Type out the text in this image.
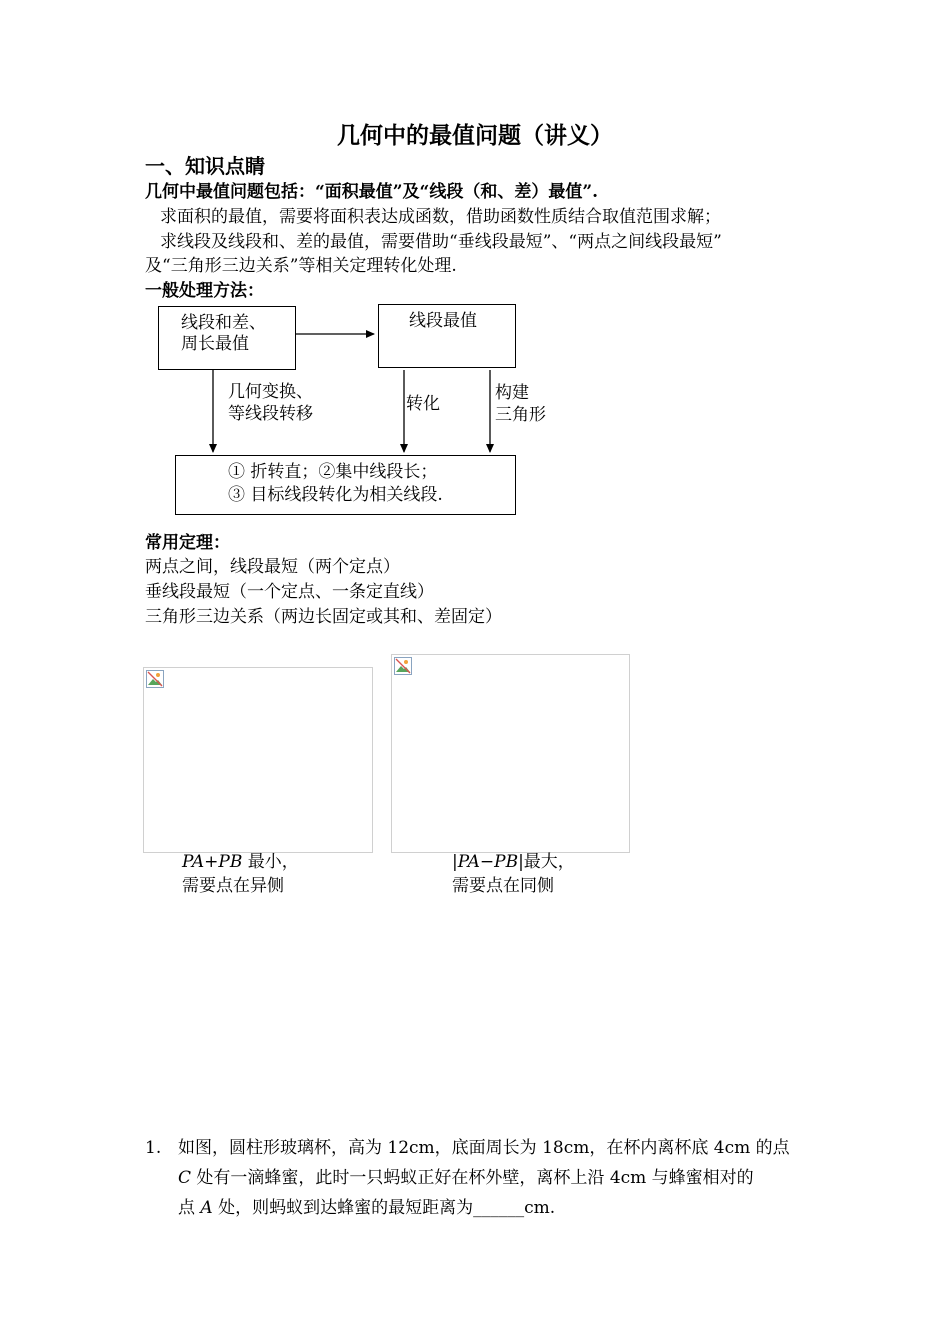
几何中的最值问题（讲义）
一、知识点睛
几何中最值问题包括：“面积最值”及“线段（和、差）最值”.
求面积的最值，需要将面积表达成函数，借助函数性质结合取值范围求解；
求线段及线段和、差的最值，需要借助“垂线段最短”、“两点之间线段最短”
及“三角形三边关系”等相关定理转化处理.
一般处理方法：
线段和差、
周长最值
线段最值
几何变换、
等线段转移	转化
构建
三角形
① 折转直；②集中线段长；
③ 目标线段转化为相关线段.
常用定理：
两点之间，线段最短（两个定点）
垂线段最短（一个定点、一条定直线）
三角形三边关系（两边长固定或其和、差固定）
PA+PB 最小，
需要点在异侧
|PA−PB|最大，
需要点在同侧
1. 如图，圆柱形玻璃杯，高为 12cm，底面周长为 18cm，在杯内离杯底 4cm 的点
C 处有一滴蜂蜜，此时一只蚂蚁正好在杯外壁，离杯上沿 4cm 与蜂蜜相对的
点 A 处，则蚂蚁到达蜂蜜的最短距离为______cm.
